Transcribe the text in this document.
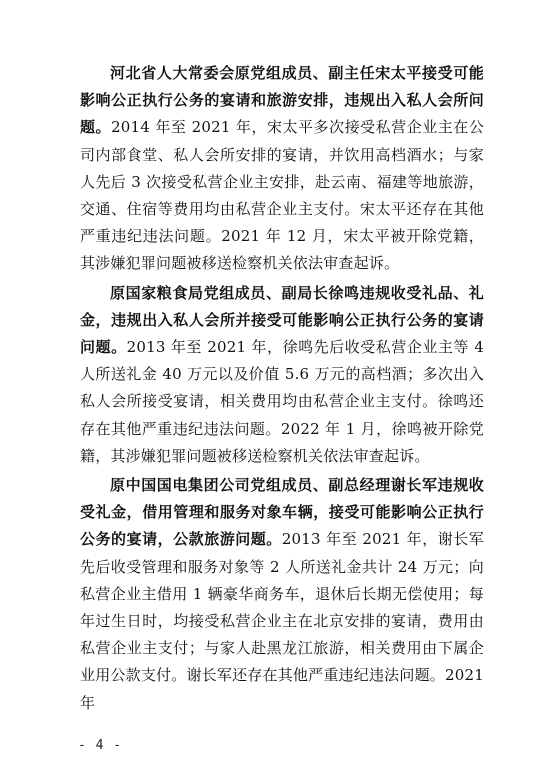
河北省人大常委会原党组成员、副主任宋太平接受可能影响公正执行公务的宴请和旅游安排，违规出入私人会所问题。2014 年至 2021 年，宋太平多次接受私营企业主在公司内部食堂、私人会所安排的宴请，并饮用高档酒水；与家人先后 3 次接受私营企业主安排，赴云南、福建等地旅游，交通、住宿等费用均由私营企业主支付。宋太平还存在其他严重违纪违法问题。2021 年 12 月，宋太平被开除党籍，其涉嫌犯罪问题被移送检察机关依法审查起诉。

原国家粮食局党组成员、副局长徐鸣违规收受礼品、礼金，违规出入私人会所并接受可能影响公正执行公务的宴请问题。2013 年至 2021 年，徐鸣先后收受私营企业主等 4 人所送礼金 40 万元以及价值 5.6 万元的高档酒；多次出入私人会所接受宴请，相关费用均由私营企业主支付。徐鸣还存在其他严重违纪违法问题。2022 年 1 月，徐鸣被开除党籍，其涉嫌犯罪问题被移送检察机关依法审查起诉。

原中国国电集团公司党组成员、副总经理谢长军违规收受礼金，借用管理和服务对象车辆，接受可能影响公正执行公务的宴请，公款旅游问题。2013 年至 2021 年，谢长军先后收受管理和服务对象等 2 人所送礼金共计 24 万元；向私营企业主借用 1 辆豪华商务车，退休后长期无偿使用；每年过生日时，均接受私营企业主在北京安排的宴请，费用由私营企业主支付；与家人赴黑龙江旅游，相关费用由下属企业用公款支付。谢长军还存在其他严重违纪违法问题。2021 年

- 4 -
